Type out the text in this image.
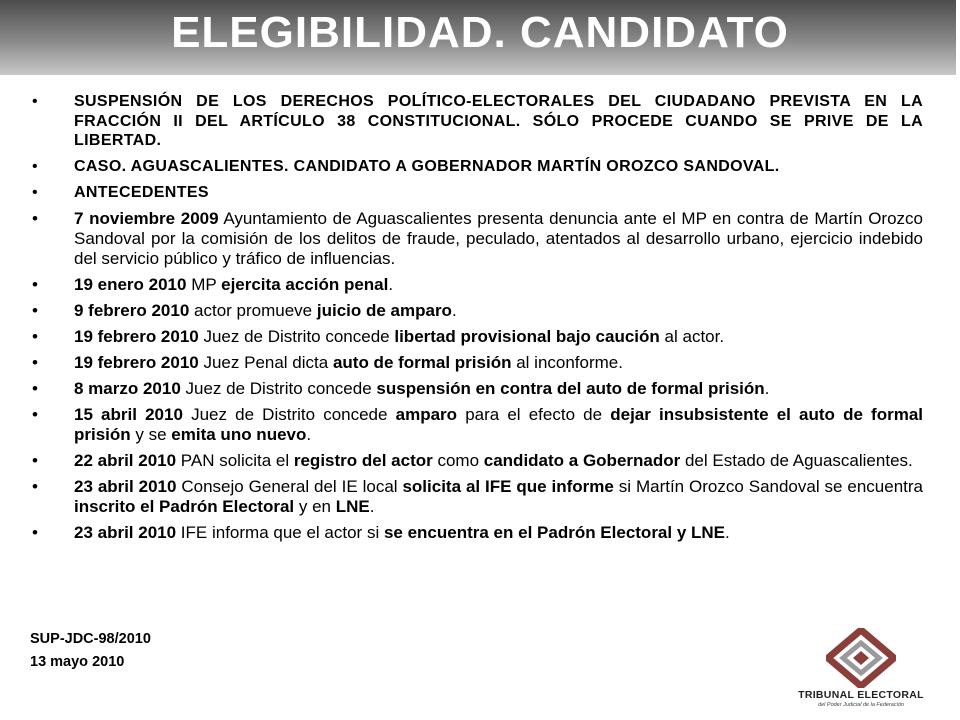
ELEGIBILIDAD. CANDIDATO
• SUSPENSIÓN DE LOS DERECHOS POLÍTICO-ELECTORALES DEL CIUDADANO PREVISTA EN LA FRACCIÓN II DEL ARTÍCULO 38 CONSTITUCIONAL. SÓLO PROCEDE CUANDO SE PRIVE DE LA LIBERTAD.
• CASO. AGUASCALIENTES. CANDIDATO A GOBERNADOR MARTÍN OROZCO SANDOVAL.
• ANTECEDENTES
• 7 noviembre 2009 Ayuntamiento de Aguascalientes presenta denuncia ante el MP en contra de Martín Orozco Sandoval por la comisión de los delitos de fraude, peculado, atentados al desarrollo urbano, ejercicio indebido del servicio público y tráfico de influencias.
• 19 enero 2010 MP ejercita acción penal.
• 9 febrero 2010 actor promueve juicio de amparo.
• 19 febrero 2010 Juez de Distrito concede libertad provisional bajo caución al actor.
• 19 febrero 2010 Juez Penal dicta auto de formal prisión al inconforme.
• 8 marzo 2010 Juez de Distrito concede suspensión en contra del auto de formal prisión.
• 15 abril 2010 Juez de Distrito concede amparo para el efecto de dejar insubsistente el auto de formal prisión y se emita uno nuevo.
• 22 abril 2010 PAN solicita el registro del actor como candidato a Gobernador del Estado de Aguascalientes.
• 23 abril 2010 Consejo General del IE local solicita al IFE que informe si Martín Orozco Sandoval se encuentra inscrito el Padrón Electoral y en LNE.
• 23 abril 2010 IFE informa que el actor si se encuentra en el Padrón Electoral y LNE.
SUP-JDC-98/2010
13 mayo 2010
TRIBUNAL ELECTORAL
del Poder Judicial de la Federación
